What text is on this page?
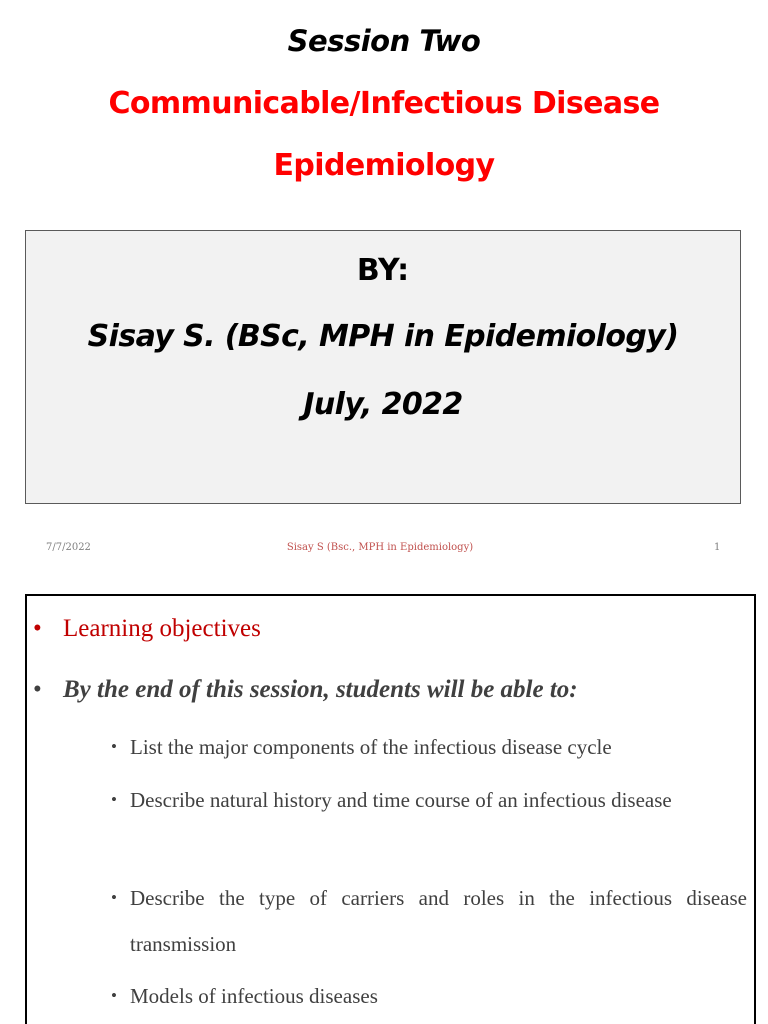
Session Two
Communicable/Infectious Disease
Epidemiology
BY:
Sisay S. (BSc, MPH in Epidemiology)
July, 2022
7/7/2022	Sisay S (Bsc., MPH in Epidemiology)	1
• Learning objectives
• By the end of this session, students will be able to:
• List the major components of the infectious disease cycle
• Describe natural history and time course of an infectious disease
• Describe the type of carriers and roles in the infectious disease transmission
• Models of infectious diseases
